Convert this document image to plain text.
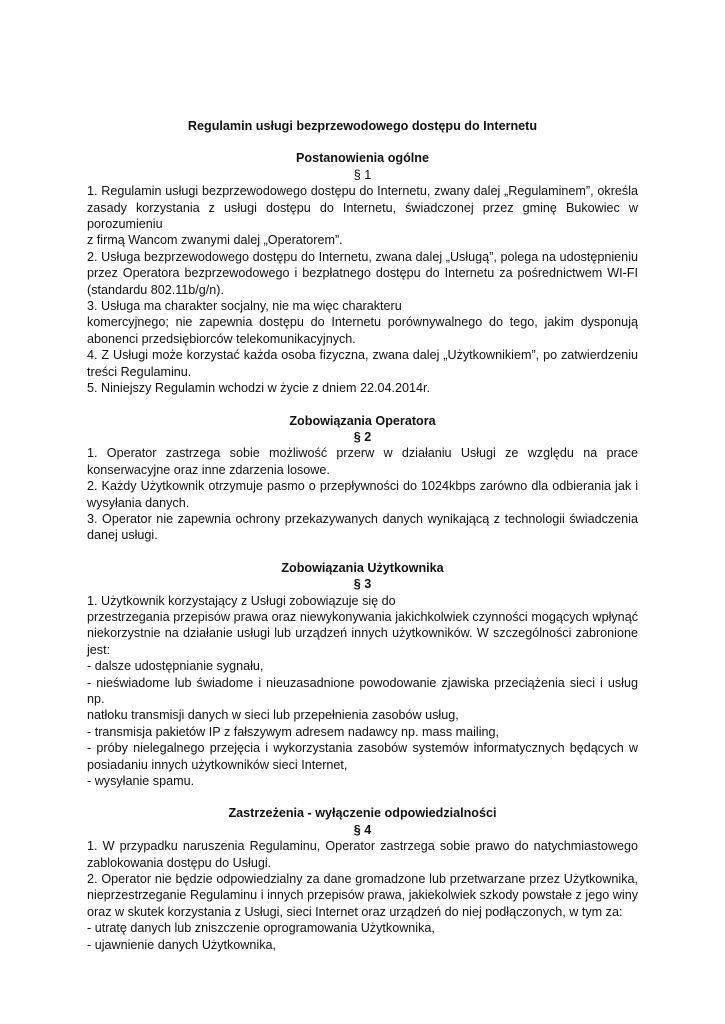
Regulamin usługi bezprzewodowego dostępu do Internetu

Postanowienia ogólne

§ 1

1. Regulamin usługi bezprzewodowego dostępu do Internetu, zwany dalej „Regulaminem”, określa

zasady korzystania z usługi dostępu do Internetu, świadczonej przez gminę Bukowiec w porozumieniu

z firmą Wancom zwanymi dalej „Operatorem”.

2. Usługa bezprzewodowego dostępu do Internetu, zwana dalej „Usługą”, polega na udostępnieniu

przez Operatora bezprzewodowego i bezpłatnego dostępu do Internetu za pośrednictwem WI-FI

(standardu 802.11b/g/n).

3. Usługa ma charakter socjalny, nie ma więc charakteru

komercyjnego; nie zapewnia dostępu do Internetu porównywalnego do tego, jakim dysponują

abonenci przedsiębiorców telekomunikacyjnych.

4. Z Usługi może korzystać każda osoba fizyczna, zwana dalej „Użytkownikiem”, po zatwierdzeniu

treści Regulaminu.

5. Niniejszy Regulamin wchodzi w życie z dniem 22.04.2014r.

Zobowiązania Operatora

§ 2

1. Operator zastrzega sobie możliwość przerw w działaniu Usługi ze względu na prace

konserwacyjne oraz inne zdarzenia losowe.

2. Każdy Użytkownik otrzymuje pasmo o przepływności do 1024kbps zarówno dla odbierania jak i

wysyłania danych.

3. Operator nie zapewnia ochrony przekazywanych danych wynikającą z technologii świadczenia

danej usługi.

Zobowiązania Użytkownika

§ 3

1. Użytkownik korzystający z Usługi zobowiązuje się do

przestrzegania przepisów prawa oraz niewykonywania jakichkolwiek czynności mogących wpłynąć

niekorzystnie na działanie usługi lub urządzeń innych użytkowników. W szczególności zabronione

jest:

- dalsze udostępnianie sygnału,

- nieświadome lub świadome i nieuzasadnione powodowanie zjawiska przeciążenia sieci i usług np.

natłoku transmisji danych w sieci lub przepełnienia zasobów usług,

- transmisja pakietów IP z fałszywym adresem nadawcy np. mass mailing,

- próby nielegalnego przejęcia i wykorzystania zasobów systemów informatycznych będących w

posiadaniu innych użytkowników sieci Internet,

- wysyłanie spamu.

Zastrzeżenia - wyłączenie odpowiedzialności

§ 4

1. W przypadku naruszenia Regulaminu, Operator zastrzega sobie prawo do natychmiastowego

zablokowania dostępu do Usługi.

2. Operator nie będzie odpowiedzialny za dane gromadzone lub przetwarzane przez Użytkownika,

nieprzestrzeganie Regulaminu i innych przepisów prawa, jakiekolwiek szkody powstałe z jego winy

oraz w skutek korzystania z Usługi, sieci Internet oraz urządzeń do niej podłączonych, w tym za:

- utratę danych lub zniszczenie oprogramowania Użytkownika,

- ujawnienie danych Użytkownika,
